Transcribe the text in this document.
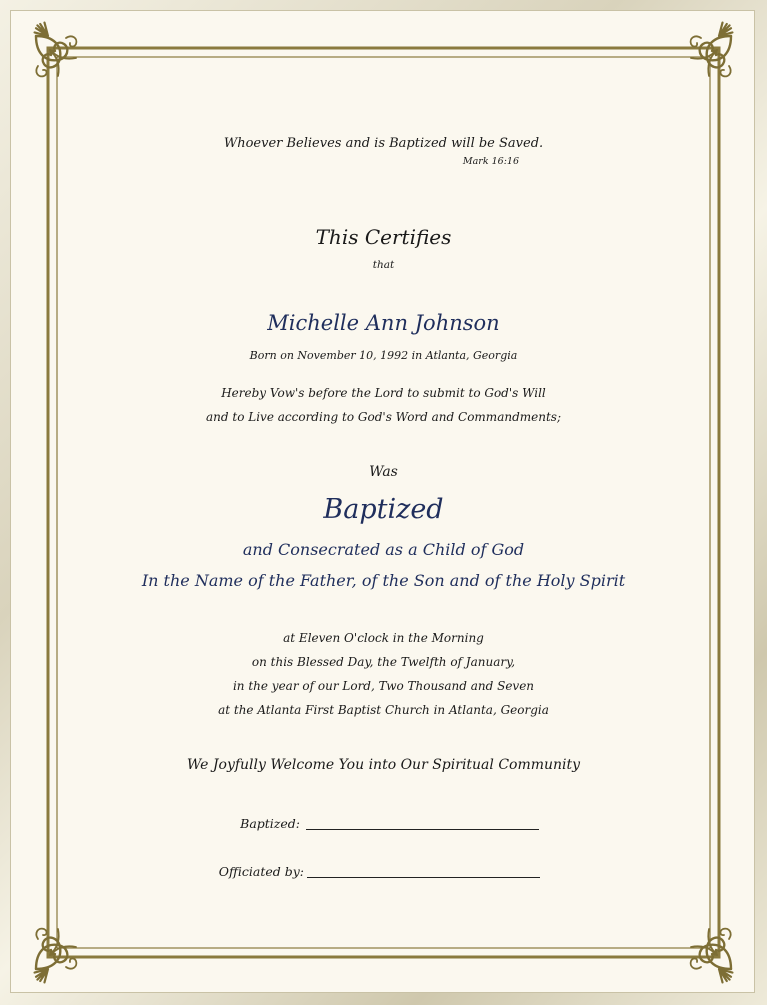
Whoever Believes and is Baptized will be Saved.
Mark 16:16
This Certifies
that
Michelle Ann Johnson
Born on November 10, 1992 in Atlanta, Georgia
Hereby Vow's before the Lord to submit to God's Will
and to Live according to God's Word and Commandments;
Was
Baptized
and Consecrated as a Child of God
In the Name of the Father, of the Son and of the Holy Spirit
at Eleven O'clock in the Morning
on this Blessed Day, the Twelfth of January,
in the year of our Lord, Two Thousand and Seven
at the Atlanta First Baptist Church in Atlanta, Georgia
We Joyfully Welcome You into Our Spiritual Community
Baptized:
Officiated by:
